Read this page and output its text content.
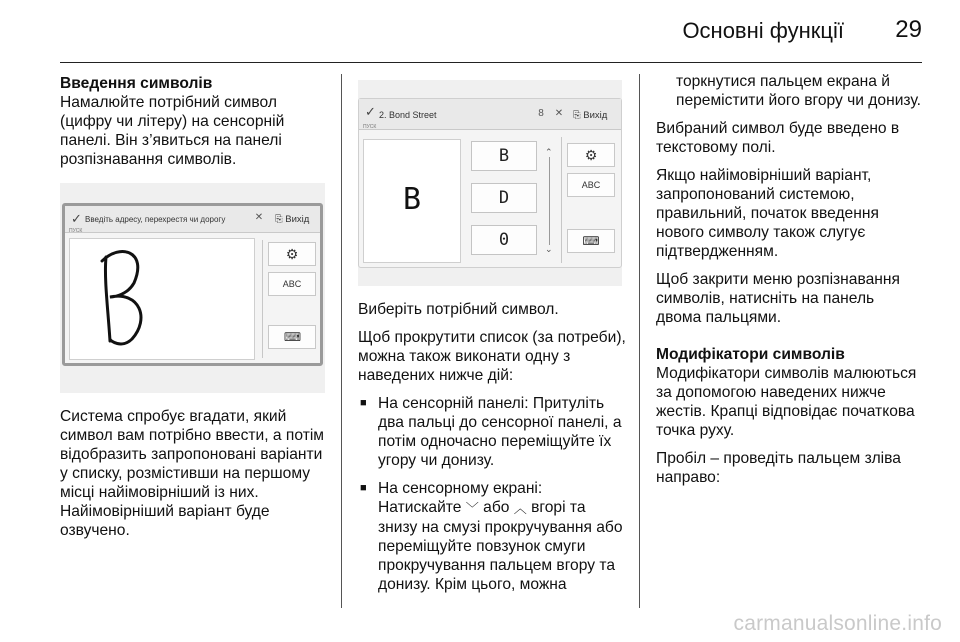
Основні функції 29

Введення символів

Намалюйте потрібний символ (цифру чи літеру) на сенсорній панелі. Він з’явиться на панелі розпізнавання символів.

✓ Введіть адресу, перехрестя чи дорогу
ПУСК
✕	⎘ Вихід
⚙
ABC
⌨

Система спробує вгадати, який символ вам потрібно ввести, а потім відобразить запропоновані варіанти у списку, розмістивши на першому місці найімовірніший із них. Найімовірніший варіант буде озвучено.

✓ 2. Bond Street
ПУСК
8	✕	⎘ Вихід
B
B
D
0
⌃
⌄
⚙
ABC
⌨

Виберіть потрібний символ.

Щоб прокрутити список (за потреби), можна також виконати одну з наведених нижче дій:

■ На сенсорній панелі: Притуліть два пальці до сенсорної панелі, а потім одночасно переміщуйте їх угору чи донизу.

■ На сенсорному екрані: Натискайте ﹀ або ︿ вгорі та знизу на смузі прокручування або переміщуйте повзунок смуги прокручування пальцем вгору та донизу. Крім цього, можна

торкнутися пальцем екрана й перемістити його вгору чи донизу.

Вибраний символ буде введено в текстовому полі.

Якщо найімовірніший варіант, запропонований системою, правильний, початок введення нового символу також слугує підтвердженням.

Щоб закрити меню розпізнавання символів, натисніть на панель двома пальцями.

Модифікатори символів

Модифікатори символів малюються за допомогою наведених нижче жестів. Крапці відповідає початкова точка руху.

Пробіл – проведіть пальцем зліва направо:

carmanualsonline.info
